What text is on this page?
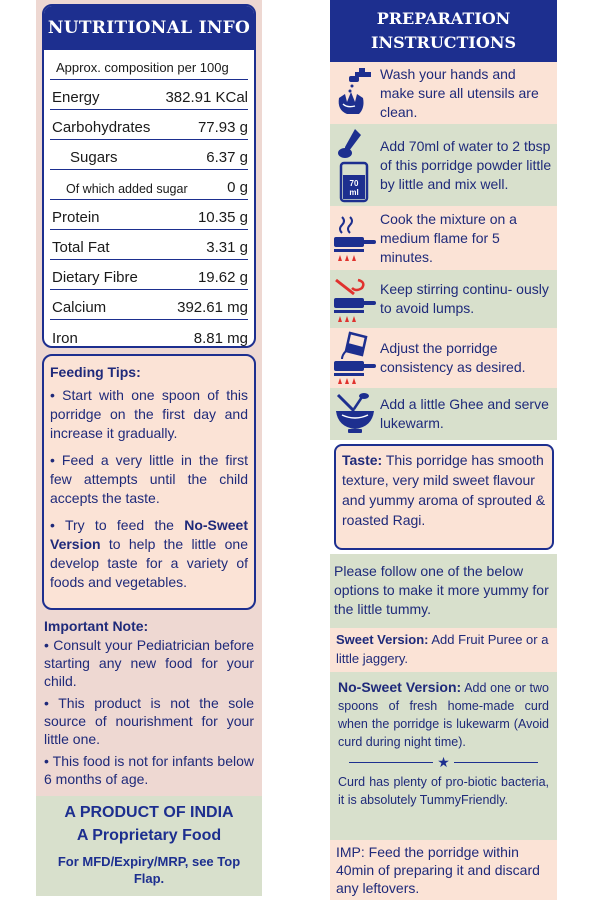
NUTRITIONAL INFO
Approx. composition per 100g
Energy	382.91 KCal
Carbohydrates	77.93 g
Sugars	6.37 g
Of which added sugar	0 g
Protein	10.35 g
Total Fat	3.31 g
Dietary Fibre	19.62 g
Calcium	392.61 mg
Iron	8.81 mg
Feeding Tips:
• Start with one spoon of this porridge on the first day and increase it gradually.
• Feed a very little in the first few attempts until the child accepts the taste.
• Try to feed the No-Sweet Version to help the little one develop taste for a variety of foods and vegetables.
Important Note:

• Consult your Pediatrician before starting any new food for your child.

• This product is not the sole source of nourishment for your little one.

• This food is not for infants below 6 months of age.

A PRODUCT OF INDIA
A Proprietary Food
For MFD/Expiry/MRP, see Top Flap.
PREPARATION
INSTRUCTIONS
Wash your hands and make sure all utensils are clean.
70
ml
Add 70ml of water to 2 tbsp of this porridge powder little by little and mix well.
Cook the mixture on a medium flame for 5 minutes.
Keep stirring continu- ously to avoid lumps.
Adjust the porridge consistency as desired.
Add a little Ghee and serve lukewarm.
Taste: This porridge has smooth texture, very mild sweet flavour and yummy aroma of sprouted & roasted Ragi.
Please follow one of the below options to make it more yummy for the little tummy.
Sweet Version: Add Fruit Puree or a little jaggery.
No-Sweet Version: Add one or two spoons of fresh home-made curd when the porridge is lukewarm (Avoid curd during night time).
★
Curd has plenty of pro-biotic bacteria, it is absolutely TummyFriendly.
IMP: Feed the porridge within 40min of preparing it and discard any leftovers.
